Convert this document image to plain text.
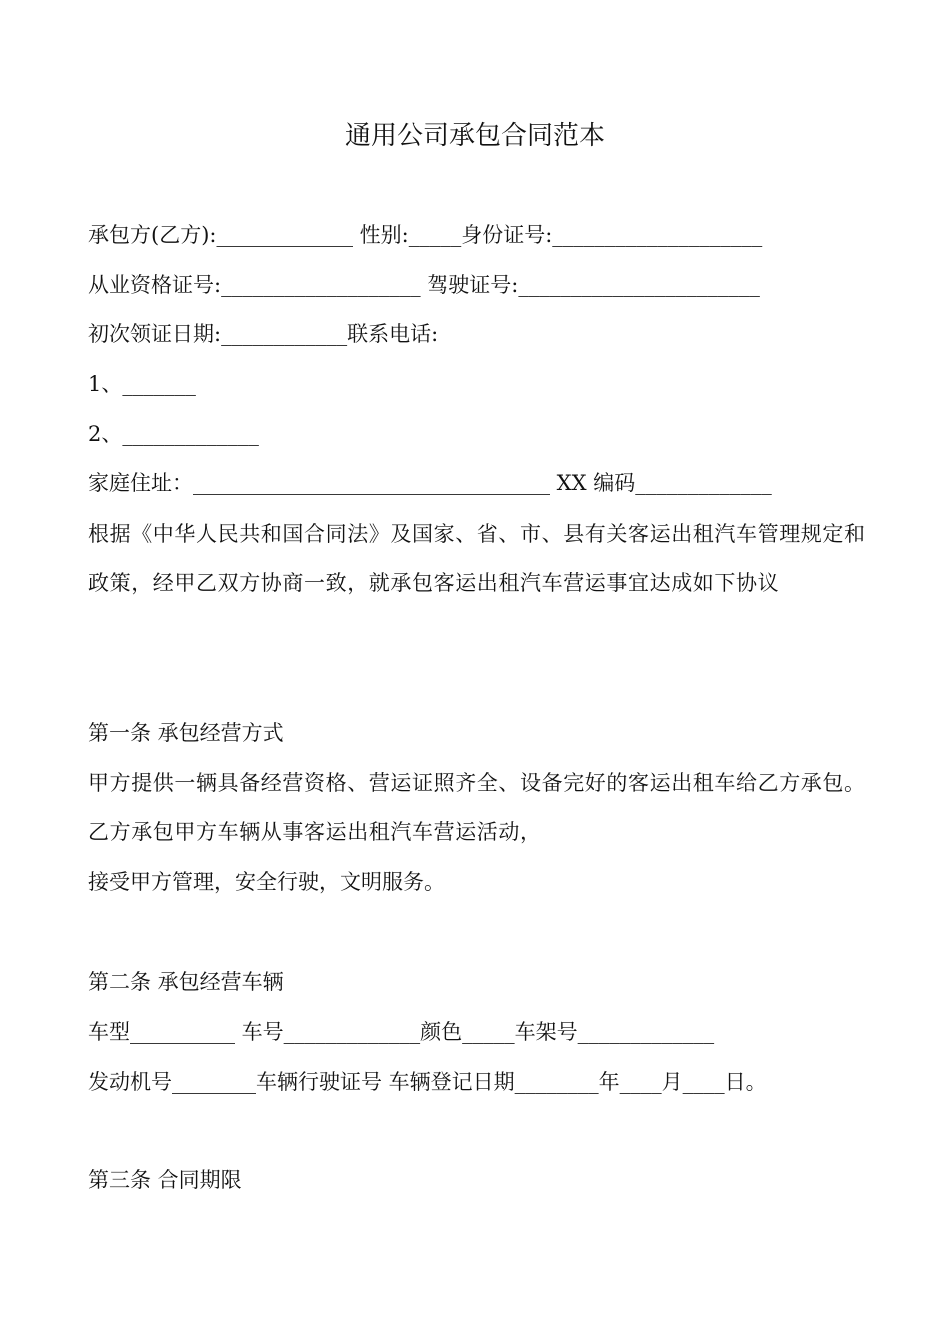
通用公司承包合同范本
承包方(乙方):_____________ 性别:_____身份证号:____________________
从业资格证号:___________________ 驾驶证号:_______________________
初次领证日期:____________联系电话:
1、_______
2、_____________
家庭住址：__________________________________ XX 编码_____________
根据《中华人民共和国合同法》及国家、省、市、县有关客运出租汽车管理规定和政策，经甲乙双方协商一致，就承包客运出租汽车营运事宜达成如下协议
第一条 承包经营方式
甲方提供一辆具备经营资格、营运证照齐全、设备完好的客运出租车给乙方承包。 乙方承包甲方车辆从事客运出租汽车营运活动，
接受甲方管理，安全行驶，文明服务。
第二条 承包经营车辆
车型__________ 车号_____________颜色_____车架号_____________
发动机号________车辆行驶证号 车辆登记日期________年____月____日。
第三条 合同期限
